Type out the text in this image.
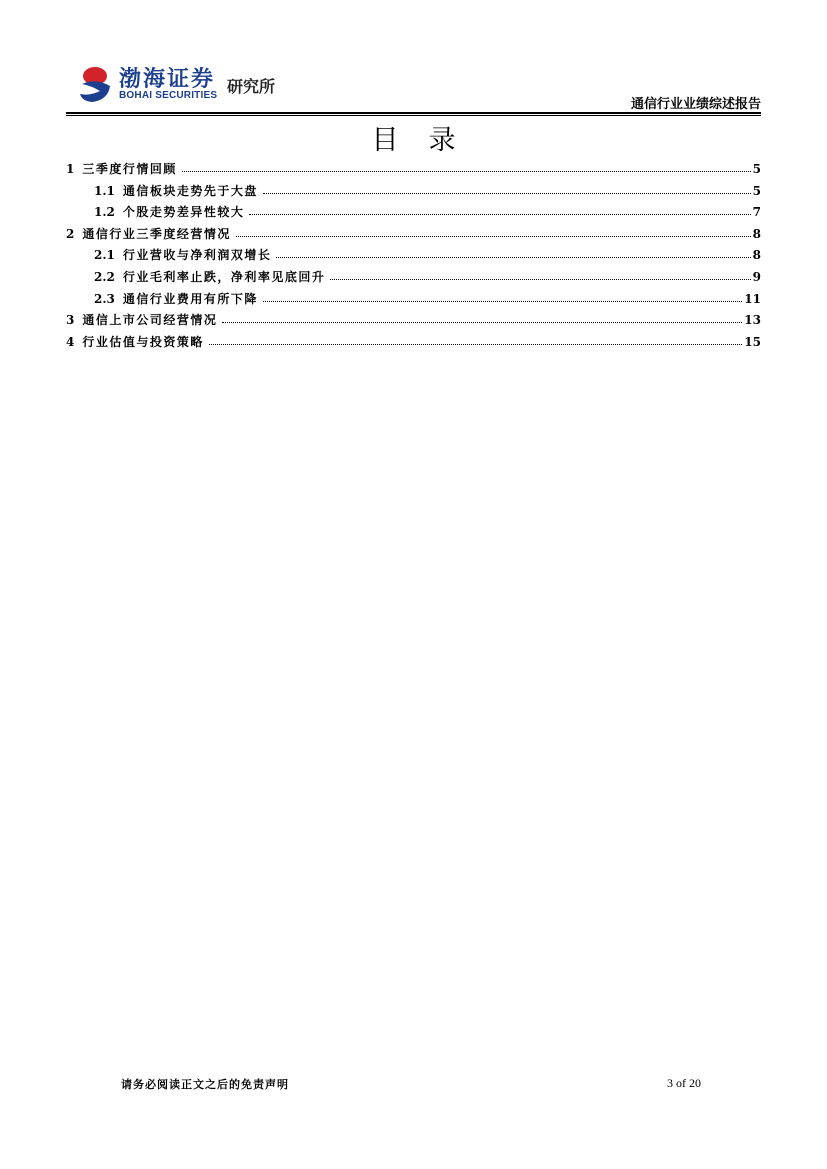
渤海证券
BOHAI SECURITIES 研究所
通信行业业绩综述报告
目录
1 三季度行情回顾	5
1.1 通信板块走势先于大盘	5
1.2 个股走势差异性较大	7
2 通信行业三季度经营情况	8
2.1 行业营收与净利润双增长	8
2.2 行业毛利率止跌，净利率见底回升	9
2.3 通信行业费用有所下降	11
3 通信上市公司经营情况	13
4 行业估值与投资策略	15
请务必阅读正文之后的免责声明	3 of 20
